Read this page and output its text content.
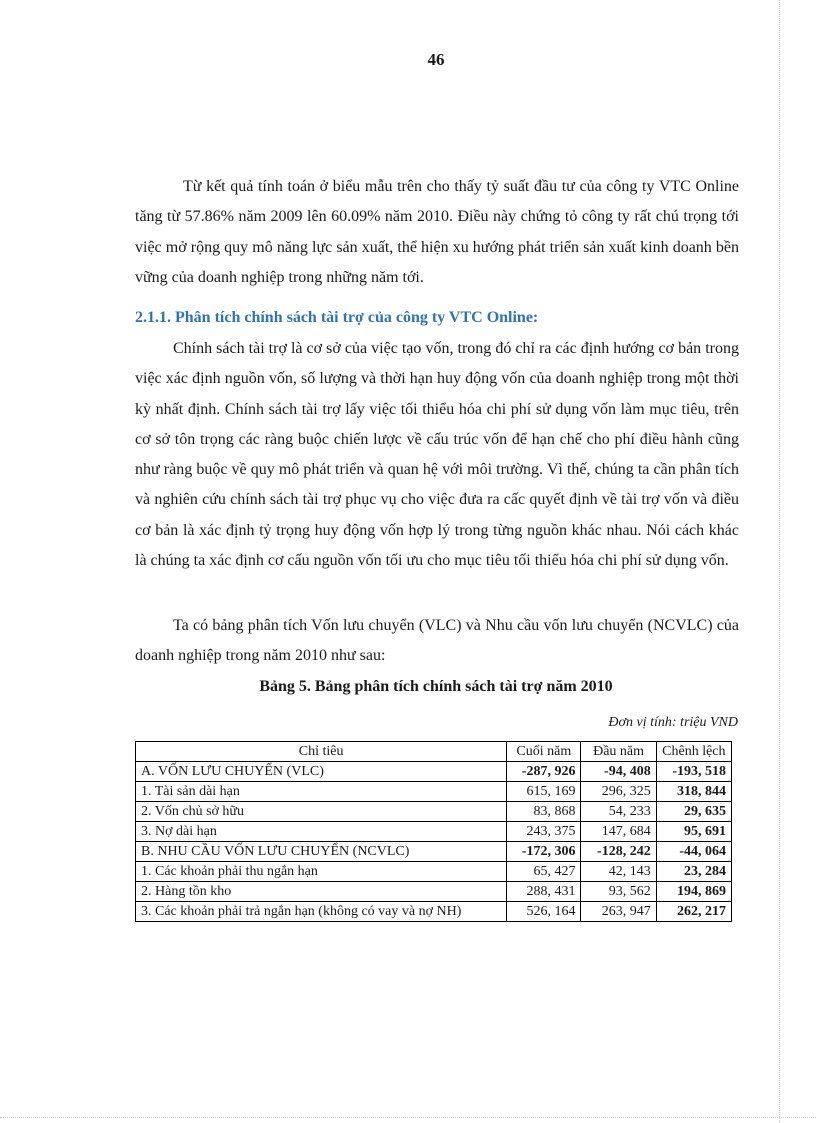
46

Từ kết quả tính toán ở biểu mẫu trên cho thấy tỷ suất đầu tư của công ty VTC Online tăng từ 57.86% năm 2009 lên 60.09% năm 2010. Điều này chứng tỏ công ty rất chú trọng tới việc mở rộng quy mô năng lực sản xuất, thể hiện xu hướng phát triển sản xuất kinh doanh bền vững của doanh nghiệp trong những năm tới.

2.1.1. Phân tích chính sách tài trợ của công ty VTC Online:

Chính sách tài trợ là cơ sở của việc tạo vốn, trong đó chỉ ra các định hướng cơ bản trong việc xác định nguồn vốn, số lượng và thời hạn huy động vốn của doanh nghiệp trong một thời kỳ nhất định. Chính sách tài trợ lấy việc tối thiểu hóa chi phí sử dụng vốn làm mục tiêu, trên cơ sở tôn trọng các ràng buộc chiến lược về cấu trúc vốn để hạn chế cho phí điều hành cũng như ràng buộc về quy mô phát triển và quan hệ với môi trường. Vì thế, chúng ta cần phân tích và nghiên cứu chính sách tài trợ phục vụ cho việc đưa ra cấc quyết định về tài trợ vốn và điều cơ bản là xác định tỷ trọng huy động vốn hợp lý trong từng nguồn khác nhau. Nói cách khác là chúng ta xác định cơ cấu nguồn vốn tối ưu cho mục tiêu tối thiểu hóa chi phí sử dụng vốn.

Ta có bảng phân tích Vốn lưu chuyển (VLC) và Nhu cầu vốn lưu chuyển (NCVLC) của doanh nghiệp trong năm 2010 như sau:

Bảng 5. Bảng phân tích chính sách tài trợ năm 2010

Đơn vị tính: triệu VND

Chỉ tiêu	Cuối năm	Đầu năm	Chênh lệch
A. VỐN LƯU CHUYỂN (VLC)	-287, 926	-94, 408	-193, 518
1. Tài sản dài hạn	615, 169	296, 325	318, 844
2. Vốn chủ sở hữu	83, 868	54, 233	29, 635
3. Nợ dài hạn	243, 375	147, 684	95, 691
B. NHU CẦU VỐN LƯU CHUYỂN (NCVLC)	-172, 306	-128, 242	-44, 064
1. Các khoản phải thu ngắn hạn	65, 427	42, 143	23, 284
2. Hàng tồn kho	288, 431	93, 562	194, 869
3. Các khoản phải trả ngắn hạn (không có vay và nợ NH)	526, 164	263, 947	262, 217
